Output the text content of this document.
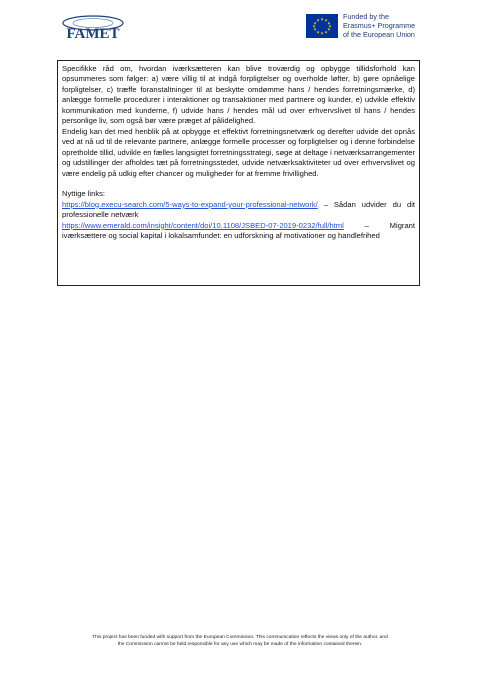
FAMET
★ ★
★
★
★
★
★
★
★
★
★
★	Funded by the
Erasmus+ Programme
of the European Union

Specifikke råd om, hvordan iværksætteren kan blive troværdig og opbygge tillidsforhold kan opsummeres som følger: a) være villig til at indgå forpligtelser og overholde løfter, b) gøre opnåelige forpligtelser, c) træffe foranstaltninger til at beskytte omdømme hans / hendes forretningsmærke, d) anlægge formelle procedurer i interaktioner og transaktioner med partnere og kunder, e) udvikle effektiv kommunikation med kunderne, f) udvide hans / hendes mål ud over erhvervslivet til hans / hendes personlige liv, som også bør være præget af pålidelighed.

Endelig kan det med henblik på at opbygge et effektivt forretningsnetværk og derefter udvide det opnås ved at nå ud til de relevante partnere, anlægge formelle processer og forpligtelser og i denne forbindelse opretholde tillid, udvikle en fælles langsigtet forretningsstrategi, søge at deltage i netværksarrangementer og udstillinger der afholdes tæt på forretningsstedet, udvide netværksaktiviteter ud over erhvervslivet og være endelig på udkig efter chancer og muligheder for at fremme frivillighed.

Nyttige links:

https://blog.execu-search.com/5-ways-to-expand-your-professional-network/ – Sådan udvider du dit professionelle netværk

https://www.emerald.com/insight/content/doi/10.1108/JSBED-07-2019-0232/full/html – Migrant iværksættere og social kapital i lokalsamfundet: en udforskning af motivationer og handlefrihed

This project has been funded with support from the European Commission. This communication reflects the views only of the author, and
the Commission cannot be held responsible for any use which may be made of the information contained therein.
